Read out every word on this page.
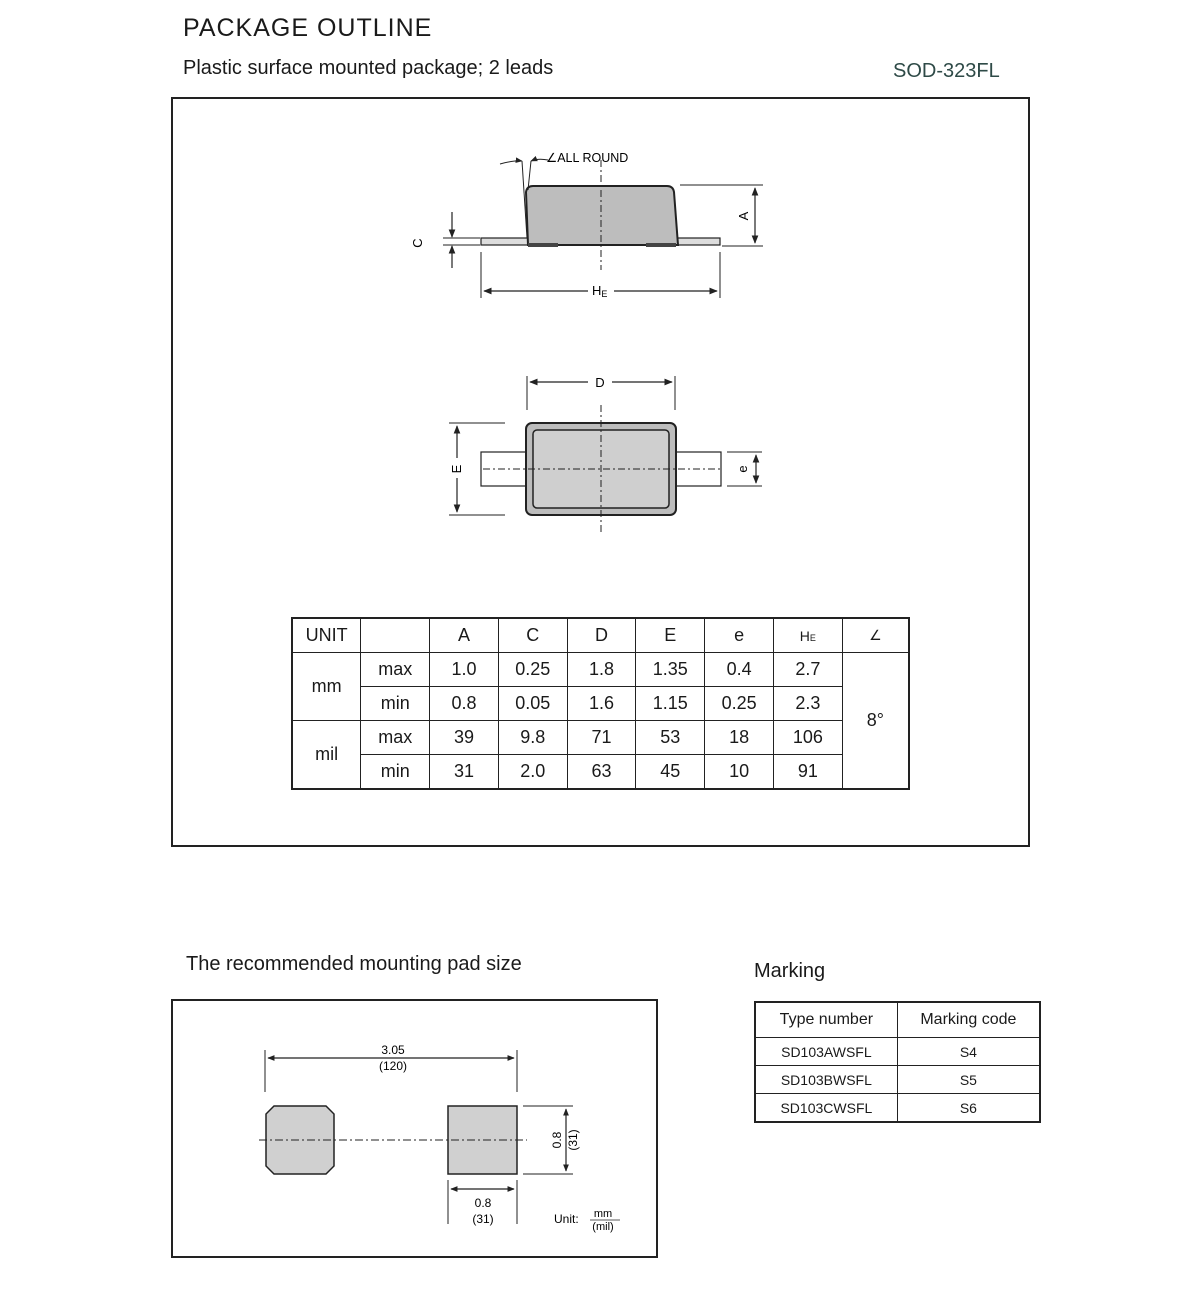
PACKAGE OUTLINE
Plastic surface mounted package; 2 leads	SOD-323FL
∠ALL ROUND
A
C
HE
D
E	e
UNIT		A	C	D	E	e	HE	∠
mm	max	1.0	0.25	1.8	1.35	0.4	2.7	8°
	min	0.8	0.05	1.6	1.15	0.25	2.3	
mil	max	39	9.8	71	53	18	106	
	min	31	2.0	63	45	10	91	
The recommended mounting pad size
3.05
(120)
0.8 (31)
0.8
(31)	Unit: mm
(mil)
Marking
Type number	Marking code
SD103AWSFL	S4
SD103BWSFL	S5
SD103CWSFL	S6
